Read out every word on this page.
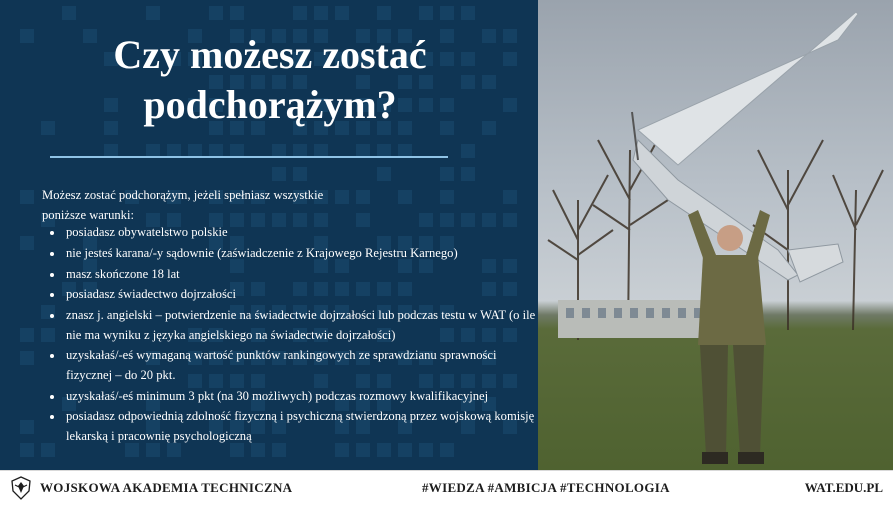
Czy możesz zostać
podchorążym?
Możesz zostać podchorążym, jeżeli spełniasz wszystkie
poniższe warunki:
• posiadasz obywatelstwo polskie
• nie jesteś karana/-y sądownie (zaświadczenie z Krajowego Rejestru Karnego)
• masz skończone 18 lat
• posiadasz świadectwo dojrzałości
• znasz j. angielski – potwierdzenie na świadectwie dojrzałości lub podczas testu w WAT (o ile nie ma wyniku z języka angielskiego na świadectwie dojrzałości)
• uzyskałaś/-eś wymaganą wartość punktów rankingowych ze sprawdzianu sprawności fizycznej – do 20 pkt.
• uzyskałaś/-eś minimum 3 pkt (na 30 możliwych) podczas rozmowy kwalifikacyjnej
• posiadasz odpowiednią zdolność fizyczną i psychiczną stwierdzoną przez wojskową komisję lekarską i pracownię psychologiczną
WOJSKOWA AKADEMIA TECHNICZNA	#WIEDZA #AMBICJA #TECHNOLOGIA	WAT.EDU.PL
